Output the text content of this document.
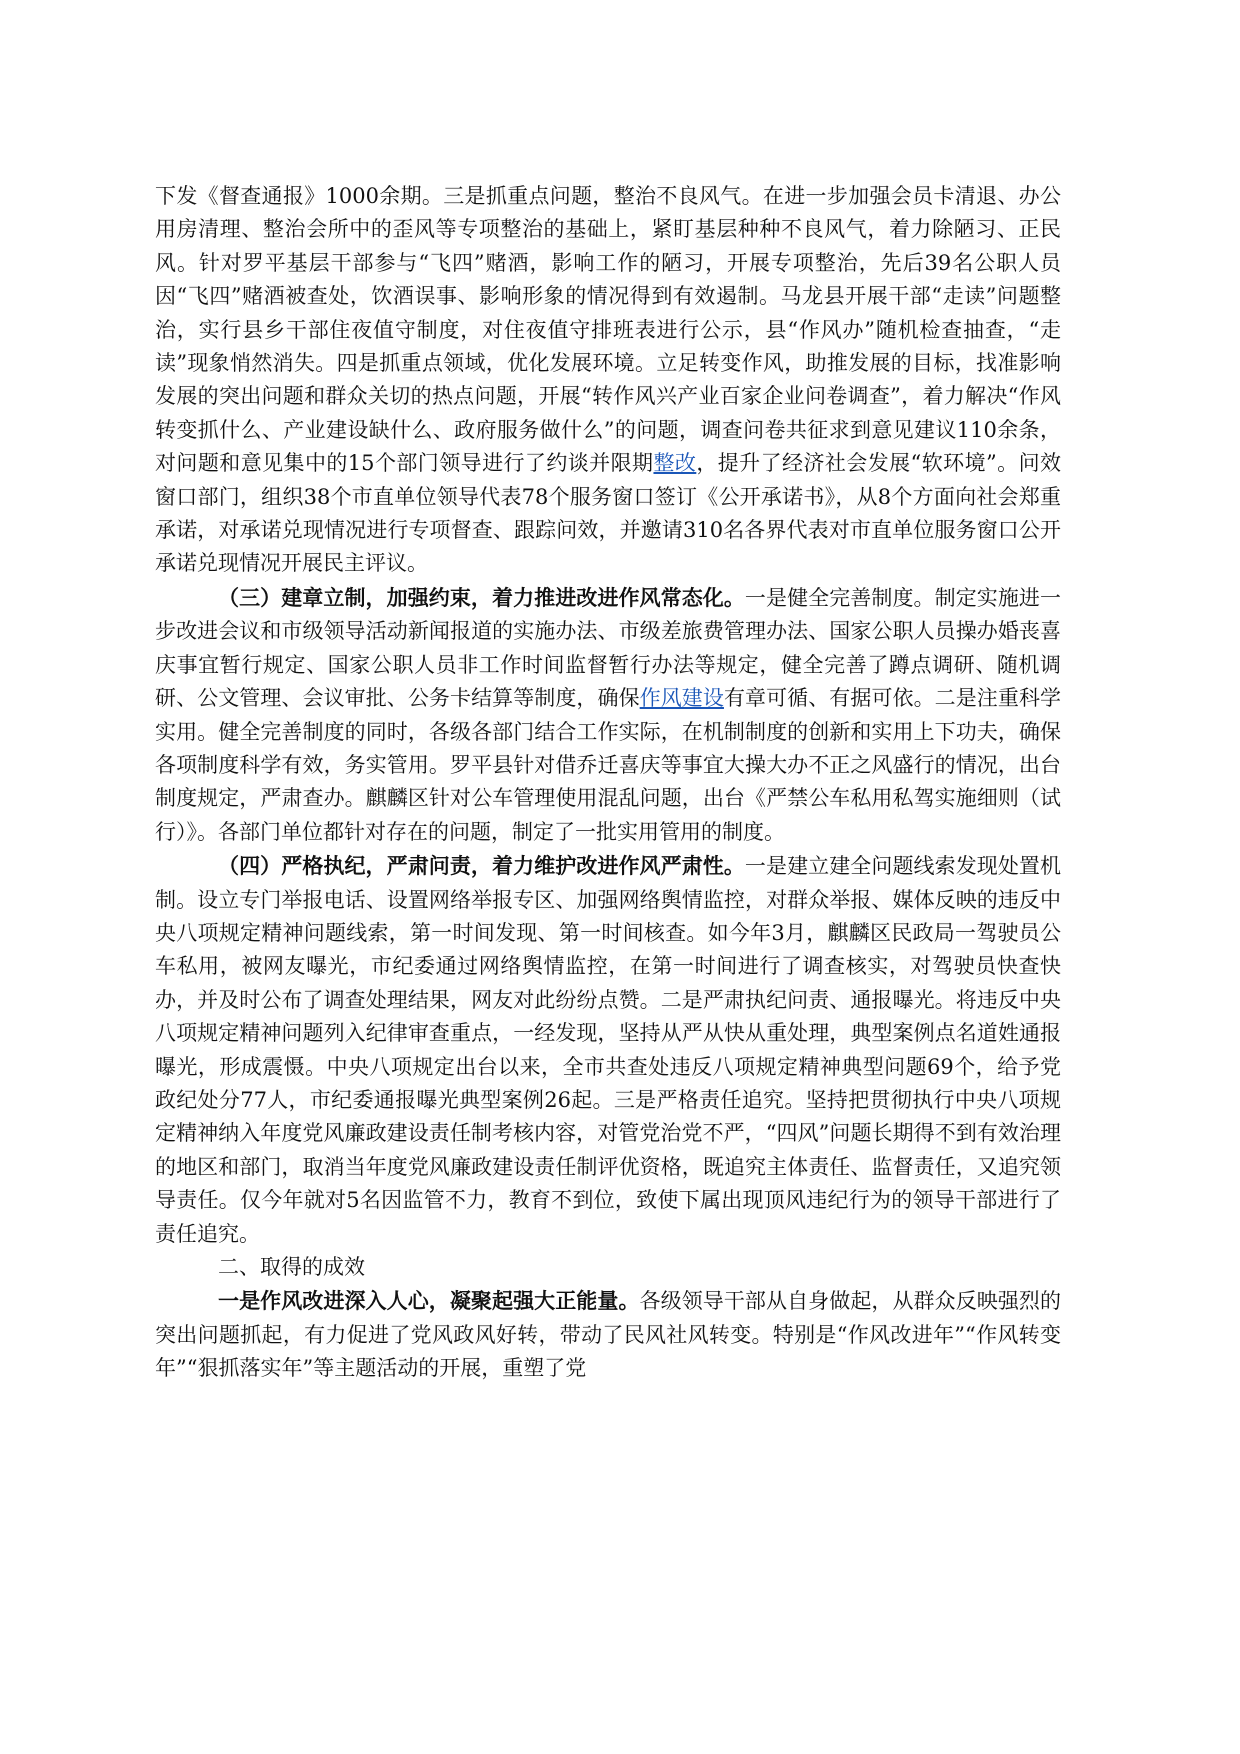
下发《督查通报》1000余期。三是抓重点问题，整治不良风气。在进一步加强会员卡清退、办公用房清理、整治会所中的歪风等专项整治的基础上，紧盯基层种种不良风气，着力除陋习、正民风。针对罗平基层干部参与“飞四”赌酒，影响工作的陋习，开展专项整治，先后39名公职人员因“飞四”赌酒被查处，饮酒误事、影响形象的情况得到有效遏制。马龙县开展干部“走读”问题整治，实行县乡干部住夜值守制度，对住夜值守排班表进行公示，县“作风办”随机检查抽查，“走读”现象悄然消失。四是抓重点领域，优化发展环境。立足转变作风，助推发展的目标，找准影响发展的突出问题和群众关切的热点问题，开展“转作风兴产业百家企业问卷调查”，着力解决“作风转变抓什么、产业建设缺什么、政府服务做什么”的问题，调查问卷共征求到意见建议110余条，对问题和意见集中的15个部门领导进行了约谈并限期整改，提升了经济社会发展“软环境”。问效窗口部门，组织38个市直单位领导代表78个服务窗口签订《公开承诺书》，从8个方面向社会郑重承诺，对承诺兑现情况进行专项督查、跟踪问效，并邀请310名各界代表对市直单位服务窗口公开承诺兑现情况开展民主评议。

（三）建章立制，加强约束，着力推进改进作风常态化。一是健全完善制度。制定实施进一步改进会议和市级领导活动新闻报道的实施办法、市级差旅费管理办法、国家公职人员操办婚丧喜庆事宜暂行规定、国家公职人员非工作时间监督暂行办法等规定，健全完善了蹲点调研、随机调研、公文管理、会议审批、公务卡结算等制度，确保作风建设有章可循、有据可依。二是注重科学实用。健全完善制度的同时，各级各部门结合工作实际，在机制制度的创新和实用上下功夫，确保各项制度科学有效，务实管用。罗平县针对借乔迁喜庆等事宜大操大办不正之风盛行的情况，出台制度规定，严肃查办。麒麟区针对公车管理使用混乱问题，出台《严禁公车私用私驾实施细则（试行）》。各部门单位都针对存在的问题，制定了一批实用管用的制度。

（四）严格执纪，严肃问责，着力维护改进作风严肃性。一是建立建全问题线索发现处置机制。设立专门举报电话、设置网络举报专区、加强网络舆情监控，对群众举报、媒体反映的违反中央八项规定精神问题线索，第一时间发现、第一时间核查。如今年3月，麒麟区民政局一驾驶员公车私用，被网友曝光，市纪委通过网络舆情监控，在第一时间进行了调查核实，对驾驶员快查快办，并及时公布了调查处理结果，网友对此纷纷点赞。二是严肃执纪问责、通报曝光。将违反中央八项规定精神问题列入纪律审查重点，一经发现，坚持从严从快从重处理，典型案例点名道姓通报曝光，形成震慑。中央八项规定出台以来，全市共查处违反八项规定精神典型问题69个，给予党政纪处分77人，市纪委通报曝光典型案例26起。三是严格责任追究。坚持把贯彻执行中央八项规定精神纳入年度党风廉政建设责任制考核内容，对管党治党不严，“四风”问题长期得不到有效治理的地区和部门，取消当年度党风廉政建设责任制评优资格，既追究主体责任、监督责任，又追究领导责任。仅今年就对5名因监管不力，教育不到位，致使下属出现顶风违纪行为的领导干部进行了责任追究。

二、取得的成效

一是作风改进深入人心，凝聚起强大正能量。各级领导干部从自身做起，从群众反映强烈的突出问题抓起，有力促进了党风政风好转，带动了民风社风转变。特别是“作风改进年”“作风转变年”“狠抓落实年”等主题活动的开展，重塑了党
